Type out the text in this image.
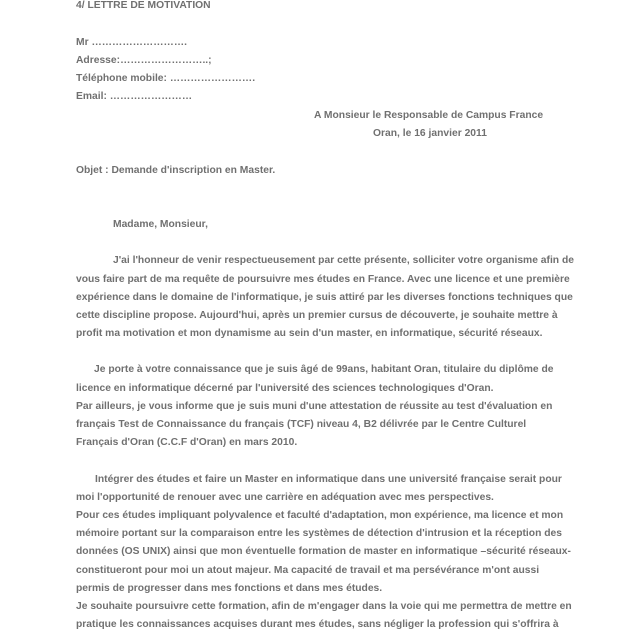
4/ LETTRE DE MOTIVATION
Mr ……………………….
Adresse:……………………..;
Téléphone mobile: …………………….
Email: ……………………
A Monsieur le Responsable de Campus France
Oran, le 16 janvier 2011
Objet : Demande d'inscription en Master.
Madame, Monsieur,
J'ai l'honneur de venir respectueusement par cette présente, solliciter votre organisme afin de
vous faire part de ma requête de poursuivre mes études en France. Avec une licence et une première
expérience dans le domaine de l'informatique, je suis attiré par les diverses fonctions techniques que
cette discipline propose. Aujourd'hui, après un premier cursus de découverte, je souhaite mettre à
profit ma motivation et mon dynamisme au sein d'un master, en informatique, sécurité réseaux.
Je porte à votre connaissance que je suis âgé de 99ans, habitant Oran, titulaire du diplôme de
licence en informatique décerné par l'université des sciences technologiques d'Oran.
Par ailleurs, je vous informe que je suis muni d'une attestation de réussite au test d'évaluation en
français Test de Connaissance du français (TCF) niveau 4, B2 délivrée par le Centre Culturel
Français d'Oran (C.C.F d'Oran) en mars 2010.
Intégrer des études et faire un Master en informatique dans une université française serait pour
moi l'opportunité de renouer avec une carrière en adéquation avec mes perspectives.
Pour ces études impliquant polyvalence et faculté d'adaptation, mon expérience, ma licence et mon
mémoire portant sur la comparaison entre les systèmes de détection d'intrusion et la réception des
données (OS UNIX) ainsi que mon éventuelle formation de master en informatique –sécurité réseaux-
constitueront pour moi un atout majeur. Ma capacité de travail et ma persévérance m'ont aussi
permis de progresser dans mes fonctions et dans mes études.
Je souhaite poursuivre cette formation, afin de m'engager dans la voie qui me permettra de mettre en
pratique les connaissances acquises durant mes études, sans négliger la profession qui s'offrira à
